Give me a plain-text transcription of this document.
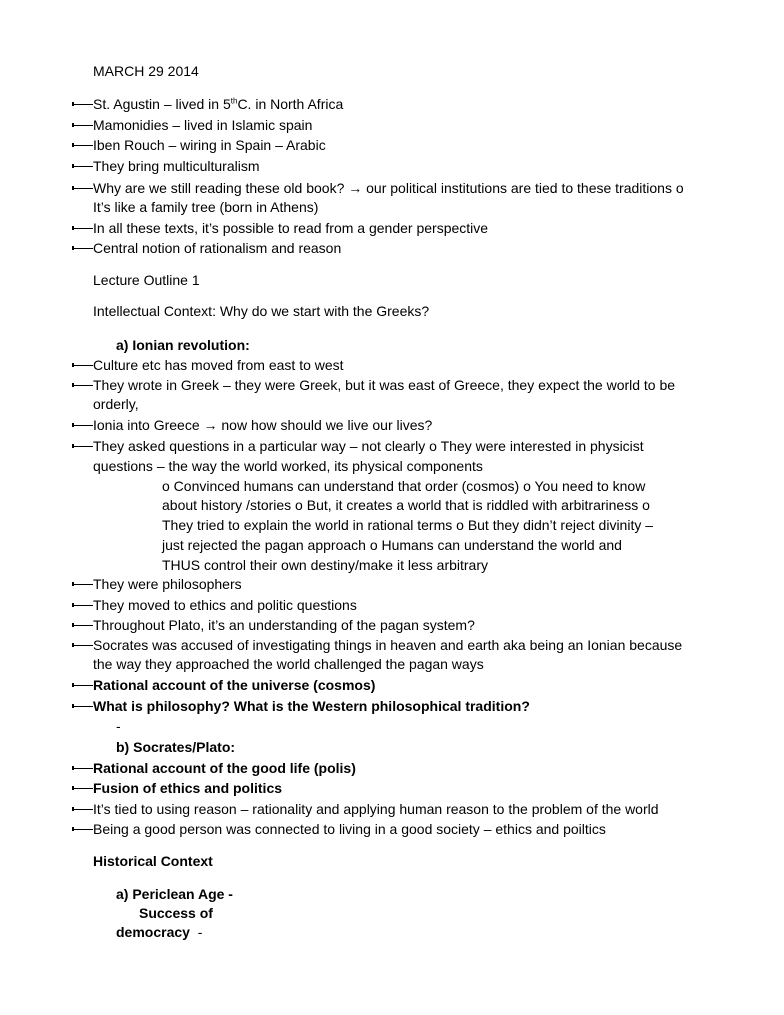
MARCH 29 2014
St. Agustin – lived in 5thC. in North Africa
Mamonidies – lived in Islamic spain
Iben Rouch – wiring in Spain – Arabic
They bring multiculturalism
Why are we still reading these old book? → our political institutions are tied to these traditions o
It’s like a family tree (born in Athens)
In all these texts, it’s possible to read from a gender perspective
Central notion of rationalism and reason
Lecture Outline 1
Intellectual Context: Why do we start with the Greeks?
a) Ionian revolution:
Culture etc has moved from east to west
They wrote in Greek – they were Greek, but it was east of Greece, they expect the world to be
orderly,
Ionia into Greece → now how should we live our lives?
They asked questions in a particular way – not clearly o They were interested in physicist
questions – the way the world worked, its physical components
o Convinced humans can understand that order (cosmos) o You need to know
about history /stories o But, it creates a world that is riddled with arbitrariness o
They tried to explain the world in rational terms o But they didn’t reject divinity –
just rejected the pagan approach o Humans can understand the world and
THUS control their own destiny/make it less arbitrary
They were philosophers
They moved to ethics and politic questions
Throughout Plato, it’s an understanding of the pagan system?
Socrates was accused of investigating things in heaven and earth aka being an Ionian because
the way they approached the world challenged the pagan ways
Rational account of the universe (cosmos)
What is philosophy? What is the Western philosophical tradition?
-
b) Socrates/Plato:
Rational account of the good life (polis)
Fusion of ethics and politics
It’s tied to using reason – rationality and applying human reason to the problem of the world
Being a good person was connected to living in a good society – ethics and poiltics
Historical Context
a) Periclean Age -
Success of
democracy -
